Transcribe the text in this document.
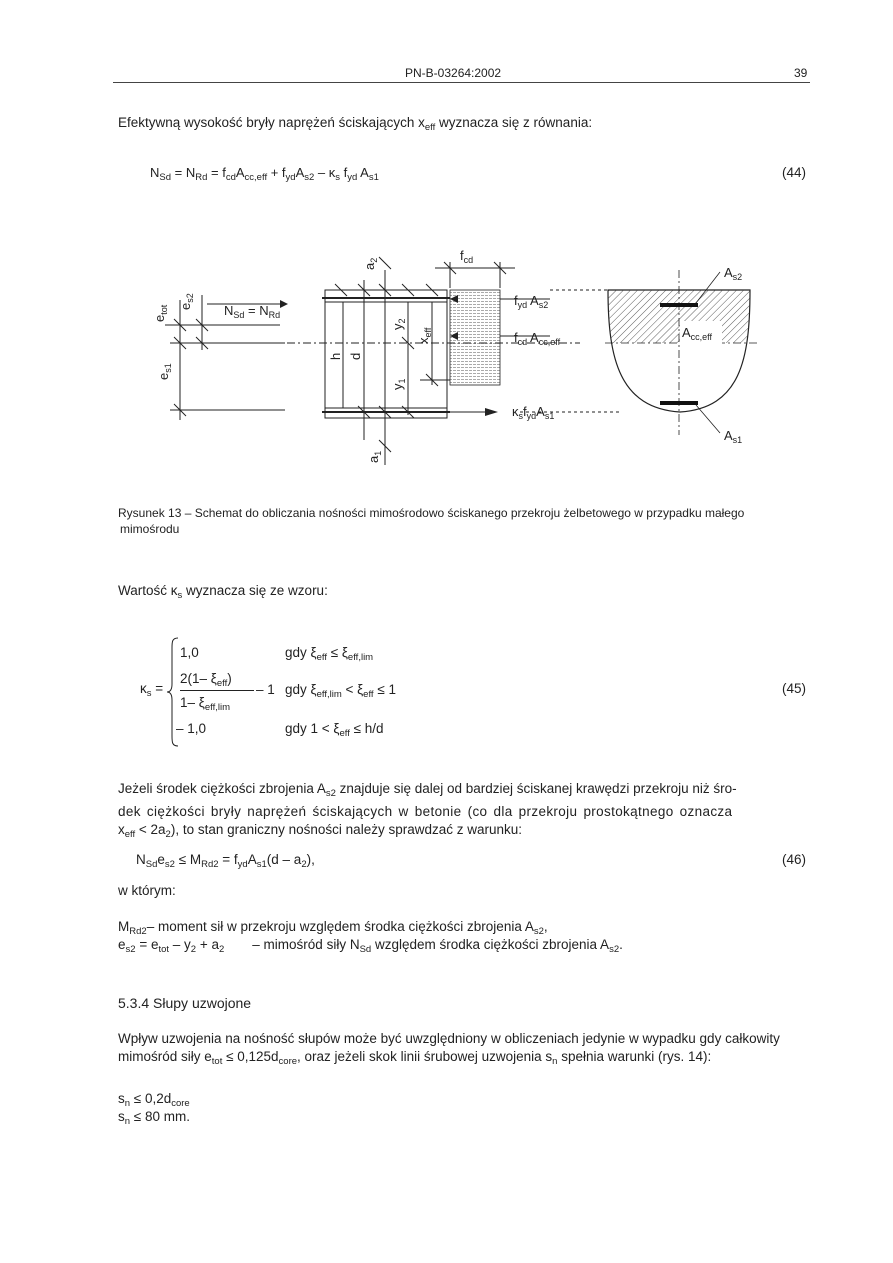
PN-B-03264:2002	39
Efektywną wysokość bryły naprężeń ściskających $x_{eff}$ wyznacza się z równania:
$N_{Sd} = N_{Rd} = f_{cd}A_{cc,eff} + f_{yd}A_{s2} - \kappa_s$ $f_{yd}$ $A_{s1}$	(44)
$e_{tot}$ $e_{s2}$
$e_{s1}$
$N_{Sd} = N_{Rd}$
$a_2$
$a_1$
h d
$y_2$
$y_1$
$x_{eff}$
$f_{cd}$
$f_{yd}$ $A_{s2}$
$f_{cd}$ $A_{cc,eff}$
$\kappa_sf_{yd}A_{s1}$
$A_{cc,eff}$
$A_{s2}$
$A_{s1}$
Rysunek 13 – Schemat do obliczania nośności mimośrodowo ściskanego przekroju żelbetowego w przypadku małego
mimośrodu
Wartość $\kappa_s$ wyznacza się ze wzoru:
$\kappa_s$ =
1,0	gdy $\xi_{eff} \le \xi_{eff,lim}$
2(1– $\xi_{eff}$)
– 1
1– $\xi_{eff,lim}$
gdy $\xi_{eff,lim} < \xi_{eff} \le 1$
– 1,0	gdy $1 < \xi_{eff} \le h/d$
(45)
Jeżeli środek ciężkości zbrojenia $A_{s2}$ znajduje się dalej od bardziej ściskanej krawędzi przekroju niż śro-
dek ciężkości bryły naprężeń ściskających w betonie (co dla przekroju prostokątnego oznacza
$x_{eff} < 2a_2$), to stan graniczny nośności należy sprawdzać z warunku:
$N_{Sd}e_{s2} \le M_{Rd2} = f_{yd}A_{s1}(d - a_2)$,	(46)
w którym:
$M_{Rd2}-$ moment sił w przekroju względem środka ciężkości zbrojenia $A_{s2}$,
$e_{s2} = e_{tot} - y_2 + a_2$ – mimośród siły $N_{Sd}$ względem środka ciężkości zbrojenia $A_{s2}$.
5.3.4 Słupy uzwojone
Wpływ uzwojenia na nośność słupów może być uwzględniony w obliczeniach jedynie w wypadku gdy całkowity
mimośród siły $e_{tot} \le 0,125d_{core}$, oraz jeżeli skok linii śrubowej uzwojenia $s_n$ spełnia warunki (rys. 14):
$s_n \le 0,2d_{core}$
$s_n \le 80$ mm.
